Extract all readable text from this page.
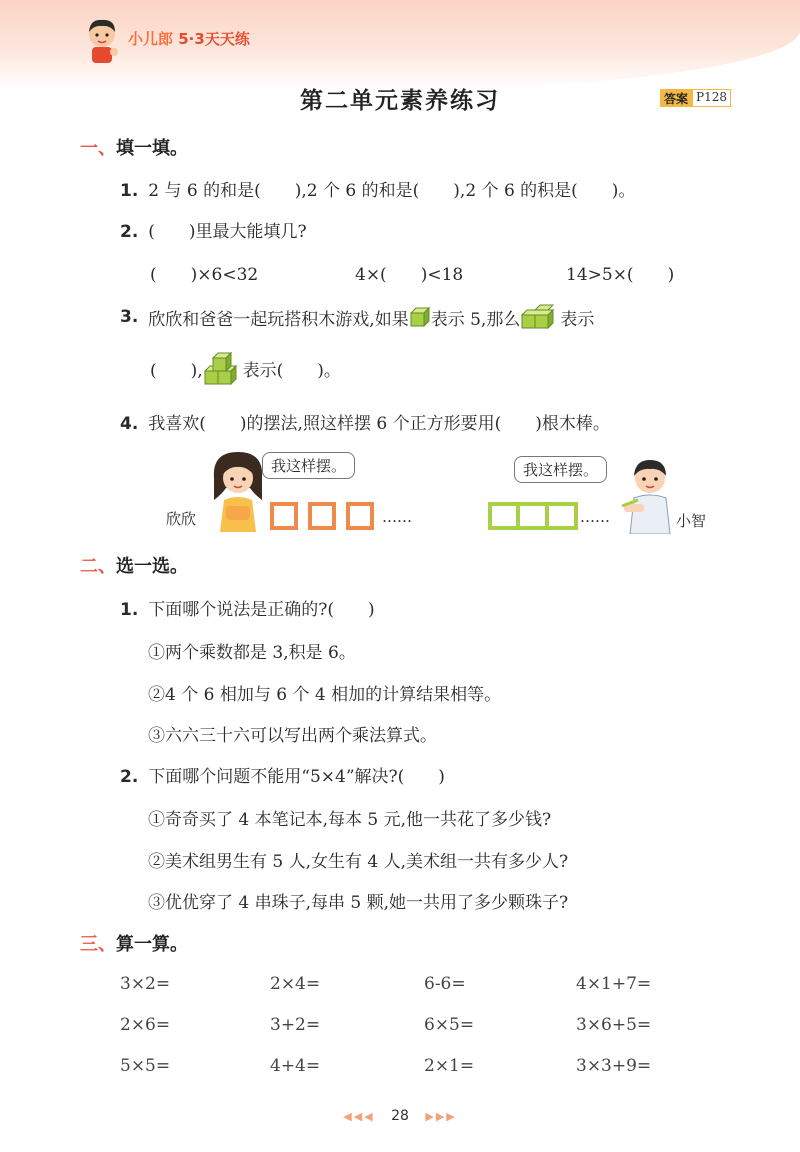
小儿郎 5·3天天练
第二单元素养练习	答案 P128
一、填一填。
1. 2 与 6 的和是(　　),2 个 6 的和是(　　),2 个 6 的积是(　　)。
2. (　　)里最大能填几?
(　　)×6<32	4×(　　)<18	14>5×(　　)
3. 欣欣和爸爸一起玩搭积木游戏,如果 表示 5,那么 表示
(　　), 表示(　　)。
4. 我喜欢(　　)的摆法,照这样摆 6 个正方形要用(　　)根木棒。
我这样摆。
欣欣	……
我这样摆。
……	小智
二、选一选。
1. 下面哪个说法是正确的?(　　)
①两个乘数都是 3,积是 6。
②4 个 6 相加与 6 个 4 相加的计算结果相等。
③六六三十六可以写出两个乘法算式。
2. 下面哪个问题不能用“5×4”解决?(　　)
①奇奇买了 4 本笔记本,每本 5 元,他一共花了多少钱?
②美术组男生有 5 人,女生有 4 人,美术组一共有多少人?
③优优穿了 4 串珠子,每串 5 颗,她一共用了多少颗珠子?
三、算一算。
3×2=	2×4=	6-6=	4×1+7=
2×6=	3+2=	6×5=	3×6+5=
5×5=	4+4=	2×1=	3×3+9=
◀◀◀ 28 ▶▶▶
